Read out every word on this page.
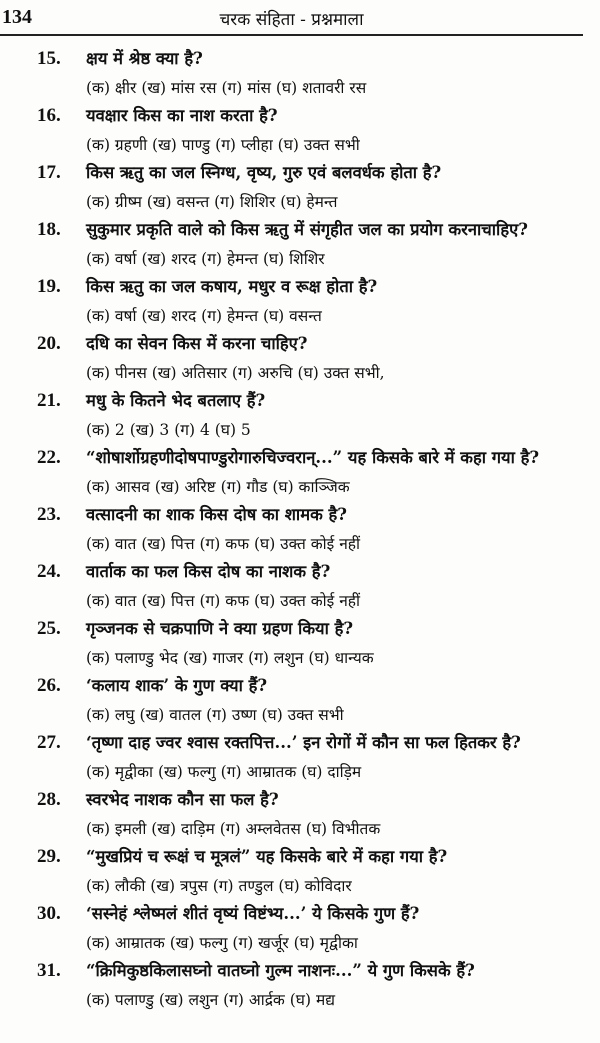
134	चरक संहिता - प्रश्नमाला
15. क्षय में श्रेष्ठ क्या है?
(क) क्षीर (ख) मांस रस (ग) मांस (घ) शतावरी रस
16. यवक्षार किस का नाश करता है?
(क) ग्रहणी (ख) पाण्डु (ग) प्लीहा (घ) उक्त सभी
17. किस ऋतु का जल स्निग्ध, वृष्य, गुरु एवं बलवर्धक होता है?
(क) ग्रीष्म (ख) वसन्त (ग) शिशिर (घ) हेमन्त
18. सुकुमार प्रकृति वाले को किस ऋतु में संगृहीत जल का प्रयोग करनाचाहिए?
(क) वर्षा (ख) शरद (ग) हेमन्त (घ) शिशिर
19. किस ऋतु का जल कषाय, मधुर व रूक्ष होता है?
(क) वर्षा (ख) शरद (ग) हेमन्त (घ) वसन्त
20. दधि का सेवन किस में करना चाहिए?
(क) पीनस (ख) अतिसार (ग) अरुचि (घ) उक्त सभी,
21. मधु के कितने भेद बतलाए हैं?
(क) 2 (ख) 3 (ग) 4 (घ) 5
22. “शोषार्शोग्रहणीदोषपाण्डुरोगारुचिज्वरान्...” यह किसके बारे में कहा गया है?
(क) आसव (ख) अरिष्ट (ग) गौड (घ) काञ्जिक
23. वत्सादनी का शाक किस दोष का शामक है?
(क) वात (ख) पित्त (ग) कफ (घ) उक्त कोई नहीं
24. वार्ताक का फल किस दोष का नाशक है?
(क) वात (ख) पित्त (ग) कफ (घ) उक्त कोई नहीं
25. गृञ्जनक से चक्रपाणि ने क्या ग्रहण किया है?
(क) पलाण्डु भेद (ख) गाजर (ग) लशुन (घ) धान्यक
26. ‘कलाय शाक’ के गुण क्या हैं?
(क) लघु (ख) वातल (ग) उष्ण (घ) उक्त सभी
27. ‘तृष्णा दाह ज्वर श्वास रक्तपित्त...’ इन रोगों में कौन सा फल हितकर है?
(क) मृद्वीका (ख) फल्गु (ग) आम्रातक (घ) दाड़िम
28. स्वरभेद नाशक कौन सा फल है?
(क) इमली (ख) दाड़िम (ग) अम्लवेतस (घ) विभीतक
29. “मुखप्रियं च रूक्षं च मूत्रलं” यह किसके बारे में कहा गया है?
(क) लौकी (ख) त्रपुस (ग) तण्डुल (घ) कोविदार
30. ‘सस्नेहं श्लेष्मलं शीतं वृष्यं विष्टंभ्य...’ ये किसके गुण हैं?
(क) आम्रातक (ख) फल्गु (ग) खर्जूर (घ) मृद्वीका
31. “क्रिमिकुष्ठकिलासघ्नो वातघ्नो गुल्म नाशनः...” ये गुण किसके हैं?
(क) पलाण्डु (ख) लशुन (ग) आर्द्रक (घ) मद्य
